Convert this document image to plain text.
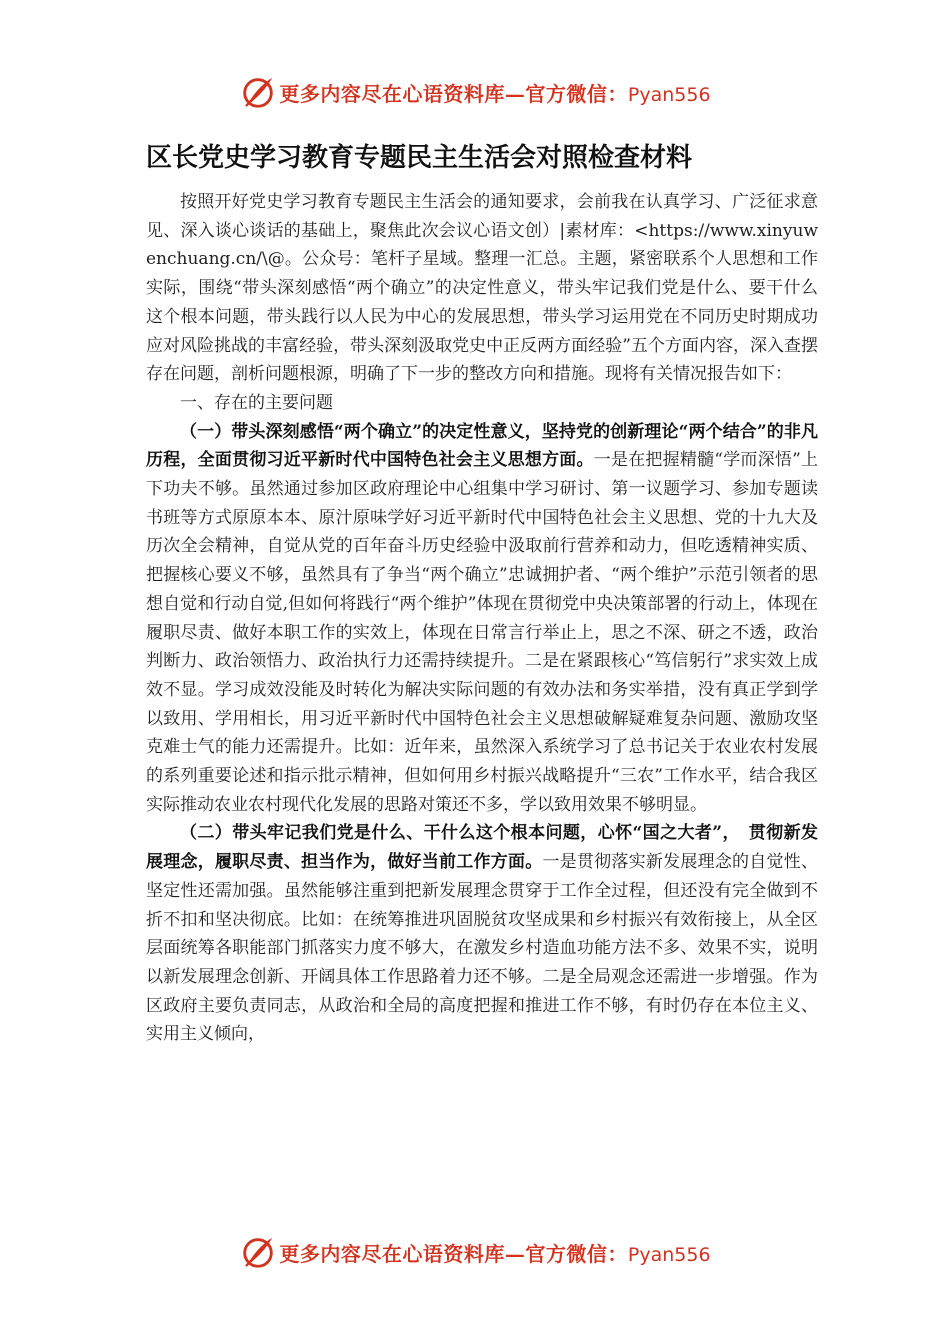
更多内容尽在心语资料库—官方微信：Pyan556
区长党史学习教育专题民主生活会对照检查材料

按照开好党史学习教育专题民主生活会的通知要求，会前我在认真学习、广泛征求意见、深入谈心谈话的基础上，聚焦此次会议心语文创）|素材库：<https://www.xinyuwenchuang.cn/\@。公众号：笔杆子星域。整理一汇总。主题，紧密联系个人思想和工作实际，围绕“带头深刻感悟“两个确立”的决定性意义，带头牢记我们党是什么、要干什么这个根本问题，带头践行以人民为中心的发展思想，带头学习运用党在不同历史时期成功应对风险挑战的丰富经验，带头深刻汲取党史中正反两方面经验”五个方面内容，深入查摆存在问题，剖析问题根源，明确了下一步的整改方向和措施。现将有关情况报告如下：

一、存在的主要问题

（一）带头深刻感悟“两个确立”的决定性意义，坚持党的创新理论“两个结合”的非凡历程，全面贯彻习近平新时代中国特色社会主义思想方面。一是在把握精髓“学而深悟”上下功夫不够。虽然通过参加区政府理论中心组集中学习研讨、第一议题学习、参加专题读书班等方式原原本本、原汁原味学好习近平新时代中国特色社会主义思想、党的十九大及历次全会精神，自觉从党的百年奋斗历史经验中汲取前行营养和动力，但吃透精神实质、把握核心要义不够，虽然具有了争当“两个确立”忠诚拥护者、“两个维护”示范引领者的思想自觉和行动自觉,但如何将践行“两个维护”体现在贯彻党中央决策部署的行动上，体现在履职尽责、做好本职工作的实效上，体现在日常言行举止上，思之不深、研之不透，政治判断力、政治领悟力、政治执行力还需持续提升。二是在紧跟核心“笃信躬行”求实效上成效不显。学习成效没能及时转化为解决实际问题的有效办法和务实举措，没有真正学到学以致用、学用相长，用习近平新时代中国特色社会主义思想破解疑难复杂问题、激励攻坚克难士气的能力还需提升。比如：近年来，虽然深入系统学习了总书记关于农业农村发展的系列重要论述和指示批示精神，但如何用乡村振兴战略提升“三农”工作水平，结合我区实际推动农业农村现代化发展的思路对策还不多，学以致用效果不够明显。

（二）带头牢记我们党是什么、干什么这个根本问题，心怀“国之大者”，　贯彻新发展理念，履职尽责、担当作为，做好当前工作方面。一是贯彻落实新发展理念的自觉性、坚定性还需加强。虽然能够注重到把新发展理念贯穿于工作全过程，但还没有完全做到不折不扣和坚决彻底。比如：在统筹推进巩固脱贫攻坚成果和乡村振兴有效衔接上，从全区层面统筹各职能部门抓落实力度不够大，在激发乡村造血功能方法不多、效果不实，说明以新发展理念创新、开阔具体工作思路着力还不够。二是全局观念还需进一步增强。作为区政府主要负责同志，从政治和全局的高度把握和推进工作不够，有时仍存在本位主义、实用主义倾向，

更多内容尽在心语资料库—官方微信：Pyan556
